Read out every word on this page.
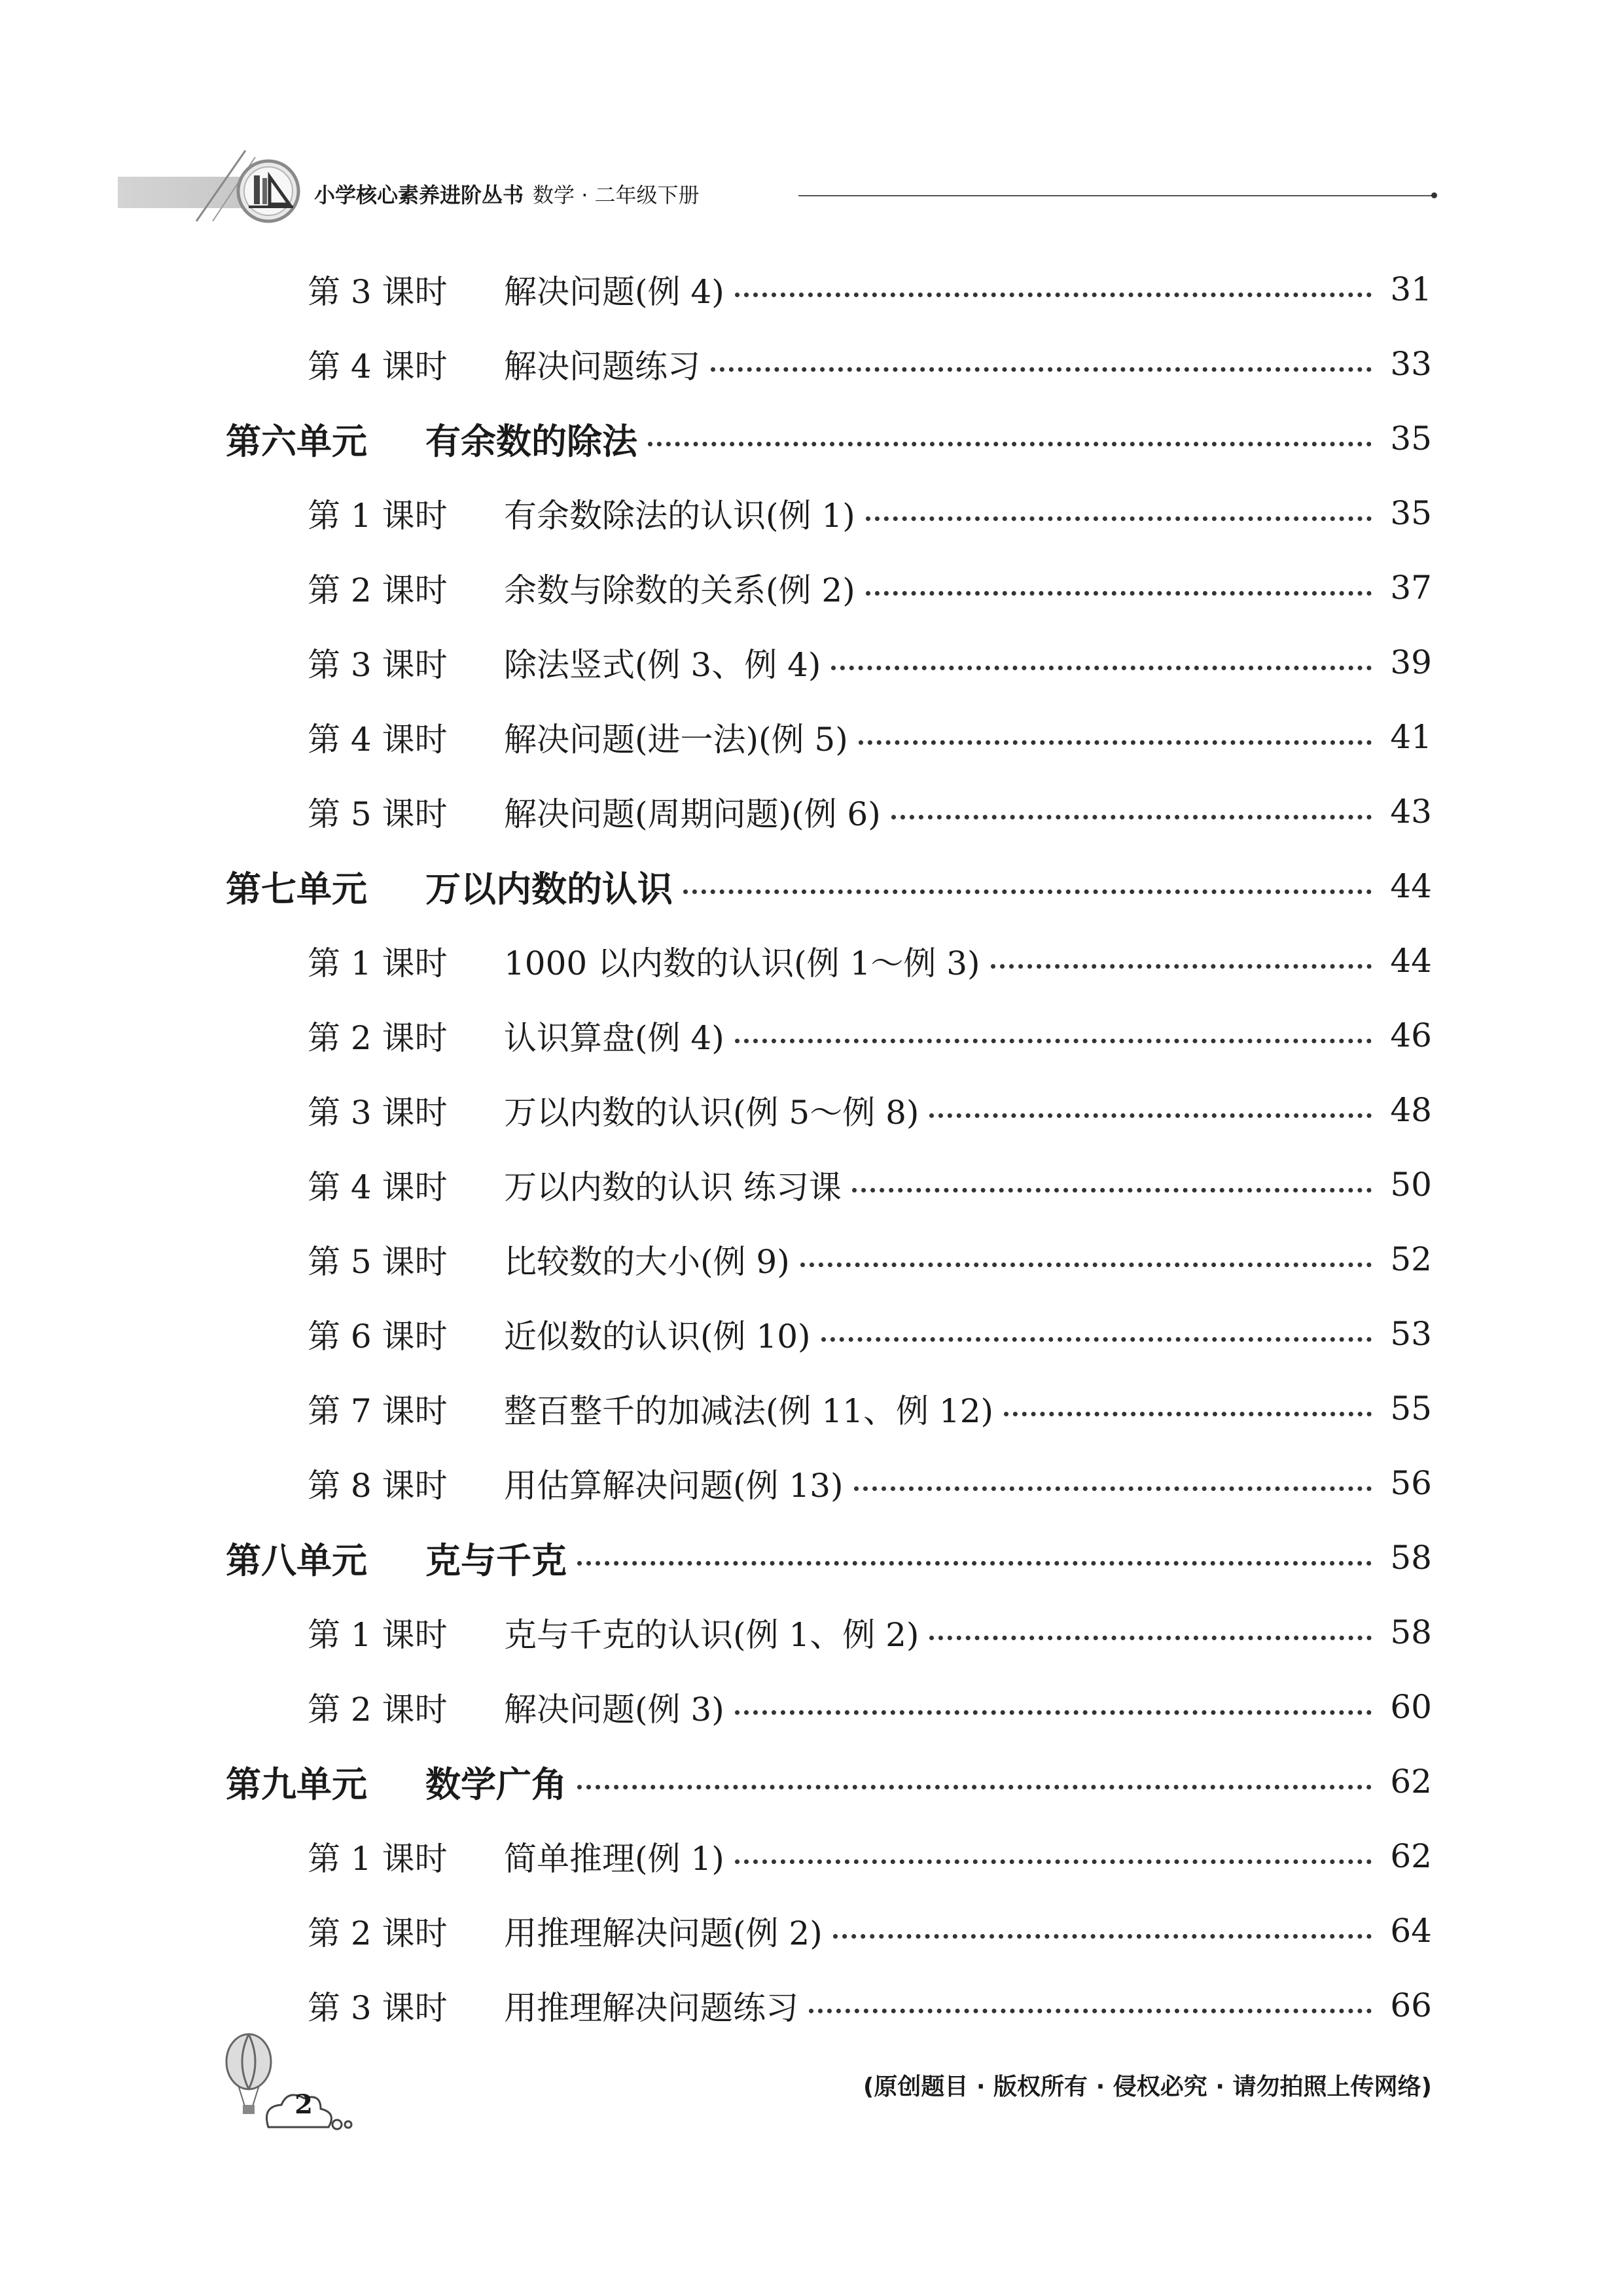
小学核心素养进阶丛书 数学 · 二年级下册
第 3 课时	解决问题(例 4)	31
第 4 课时	解决问题练习	33
第六单元	有余数的除法	35
第 1 课时	有余数除法的认识(例 1)	35
第 2 课时	余数与除数的关系(例 2)	37
第 3 课时	除法竖式(例 3、例 4)	39
第 4 课时	解决问题(进一法)(例 5)	41
第 5 课时	解决问题(周期问题)(例 6)	43
第七单元	万以内数的认识	44
第 1 课时	1000 以内数的认识(例 1～例 3)	44
第 2 课时	认识算盘(例 4)	46
第 3 课时	万以内数的认识(例 5～例 8)	48
第 4 课时	万以内数的认识 练习课	50
第 5 课时	比较数的大小(例 9)	52
第 6 课时	近似数的认识(例 10)	53
第 7 课时	整百整千的加减法(例 11、例 12)	55
第 8 课时	用估算解决问题(例 13)	56
第八单元	克与千克	58
第 1 课时	克与千克的认识(例 1、例 2)	58
第 2 课时	解决问题(例 3)	60
第九单元	数学广角	62
第 1 课时	简单推理(例 1)	62
第 2 课时	用推理解决问题(例 2)	64
第 3 课时	用推理解决问题练习	66
2
(原创题目 · 版权所有 · 侵权必究 · 请勿拍照上传网络)
